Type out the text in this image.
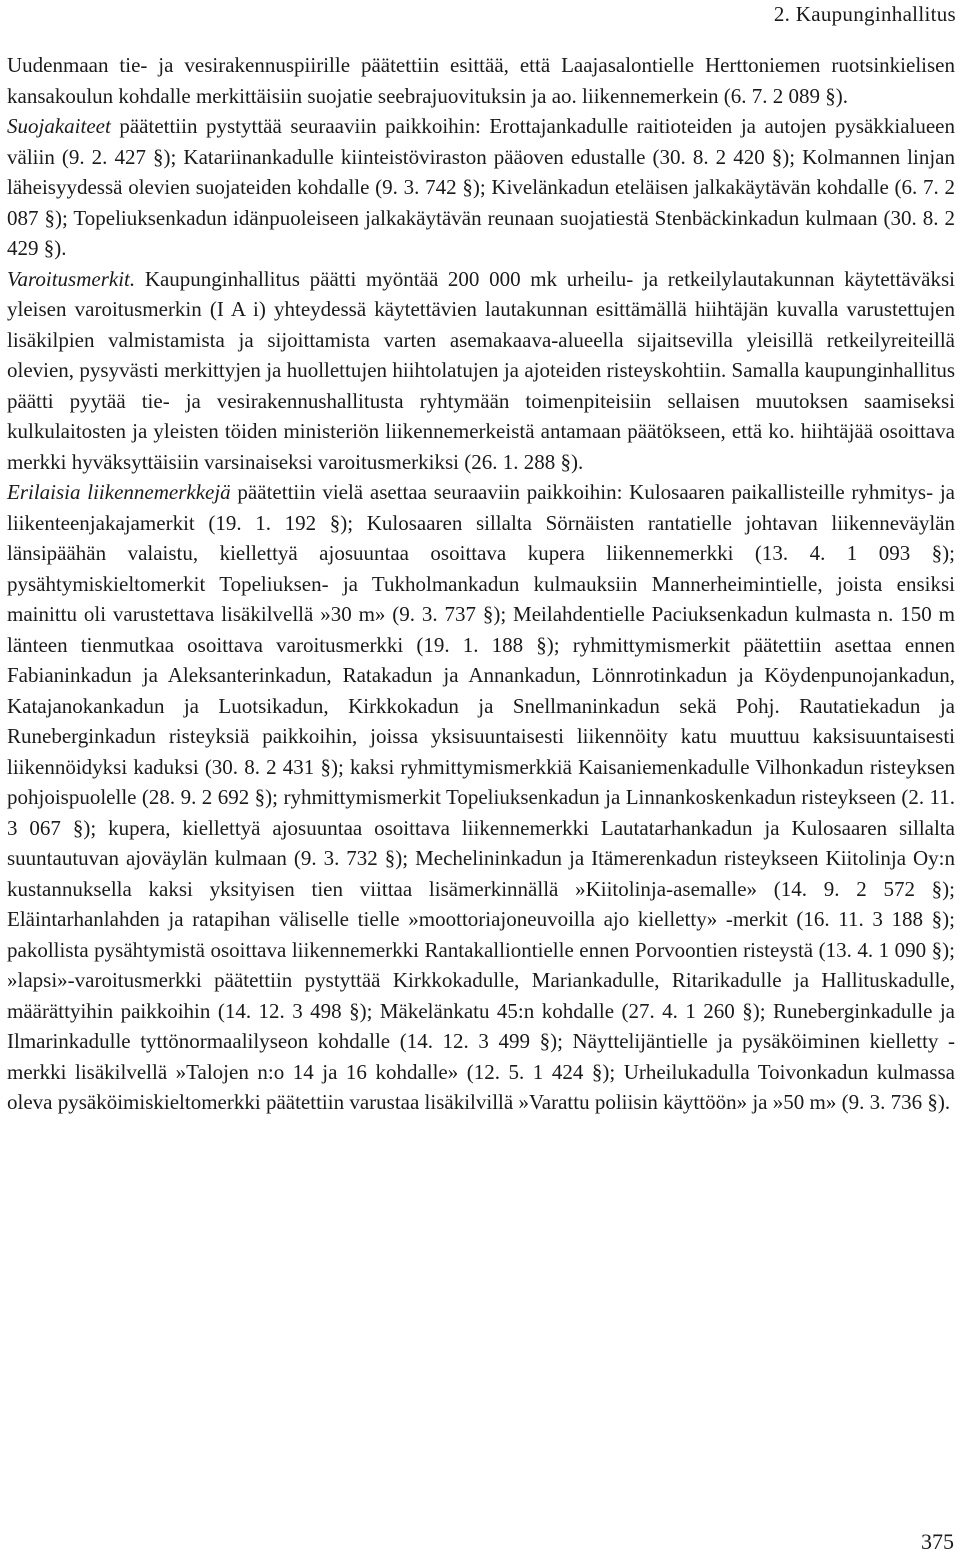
2. Kaupunginhallitus

Uudenmaan tie- ja vesirakennuspiirille päätettiin esittää, että Laajasalontielle Herttoniemen ruotsinkielisen kansakoulun kohdalle merkittäisiin suojatie seebrajuovituksin ja ao. liikennemerkein (6. 7. 2 089 §).

Suojakaiteet päätettiin pystyttää seuraaviin paikkoihin: Erottajankadulle raitioteiden ja autojen pysäkkialueen väliin (9. 2. 427 §); Katariinankadulle kiinteistöviraston pääoven edustalle (30. 8. 2 420 §); Kolmannen linjan läheisyydessä olevien suojateiden kohdalle (9. 3. 742 §); Kivelänkadun eteläisen jalkakäytävän kohdalle (6. 7. 2 087 §); Topeliuksenkadun idänpuoleiseen jalkakäytävän reunaan suojatiestä Stenbäckinkadun kulmaan (30. 8. 2 429 §).

Varoitusmerkit. Kaupunginhallitus päätti myöntää 200 000 mk urheilu- ja retkeilylautakunnan käytettäväksi yleisen varoitusmerkin (I A i) yhteydessä käytettävien lautakunnan esittämällä hiihtäjän kuvalla varustettujen lisäkilpien valmistamista ja sijoittamista varten asemakaava-alueella sijaitsevilla yleisillä retkeilyreiteillä olevien, pysyvästi merkittyjen ja huollettujen hiihtolatujen ja ajoteiden risteyskohtiin. Samalla kaupunginhallitus päätti pyytää tie- ja vesirakennushallitusta ryhtymään toimenpiteisiin sellaisen muutoksen saamiseksi kulkulaitosten ja yleisten töiden ministeriön liikennemerkeistä antamaan päätökseen, että ko. hiihtäjää osoittava merkki hyväksyttäisiin varsinaiseksi varoitusmerkiksi (26. 1. 288 §).

Erilaisia liikennemerkkejä päätettiin vielä asettaa seuraaviin paikkoihin: Kulosaaren paikallisteille ryhmitys- ja liikenteenjakajamerkit (19. 1. 192 §); Kulosaaren sillalta Sörnäisten rantatielle johtavan liikenneväylän länsipäähän valaistu, kiellettyä ajosuuntaa osoittava kupera liikennemerkki (13. 4. 1 093 §); pysähtymiskieltomerkit Topeliuksen- ja Tukholmankadun kulmauksiin Mannerheimintielle, joista ensiksi mainittu oli varustettava lisäkilvellä »30 m» (9. 3. 737 §); Meilahdentielle Paciuksenkadun kulmasta n. 150 m länteen tienmutkaa osoittava varoitusmerkki (19. 1. 188 §); ryhmittymismerkit päätettiin asettaa ennen Fabianinkadun ja Aleksanterinkadun, Ratakadun ja Annankadun, Lönnrotinkadun ja Köydenpunojankadun, Katajanokankadun ja Luotsikadun, Kirkkokadun ja Snellmaninkadun sekä Pohj. Rautatiekadun ja Runeberginkadun risteyksiä paikkoihin, joissa yksisuuntaisesti liikennöity katu muuttuu kaksisuuntaisesti liikennöidyksi kaduksi (30. 8. 2 431 §); kaksi ryhmittymismerkkiä Kaisaniemenkadulle Vilhonkadun risteyksen pohjoispuolelle (28. 9. 2 692 §); ryhmittymismerkit Topeliuksenkadun ja Linnankoskenkadun risteykseen (2. 11. 3 067 §); kupera, kiellettyä ajosuuntaa osoittava liikennemerkki Lautatarhankadun ja Kulosaaren sillalta suuntautuvan ajoväylän kulmaan (9. 3. 732 §); Mechelininkadun ja Itämerenkadun risteykseen Kiitolinja Oy:n kustannuksella kaksi yksityisen tien viittaa lisämerkinnällä »Kiitolinja-asemalle» (14. 9. 2 572 §); Eläintarhanlahden ja ratapihan väliselle tielle »moottoriajoneuvoilla ajo kielletty» -merkit (16. 11. 3 188 §); pakollista pysähtymistä osoittava liikennemerkki Rantakalliontielle ennen Porvoontien risteystä (13. 4. 1 090 §); »lapsi»-varoitusmerkki päätettiin pystyttää Kirkkokadulle, Mariankadulle, Ritarikadulle ja Hallituskadulle, määrättyihin paikkoihin (14. 12. 3 498 §); Mäkelänkatu 45:n kohdalle (27. 4. 1 260 §); Runeberginkadulle ja Ilmarinkadulle tyttönormaalilyseon kohdalle (14. 12. 3 499 §); Näyttelijäntielle ja pysäköiminen kielletty -merkki lisäkilvellä »Talojen n:o 14 ja 16 kohdalle» (12. 5. 1 424 §); Urheilukadulla Toivonkadun kulmassa oleva pysäköimiskieltomerkki päätettiin varustaa lisäkilvillä »Varattu poliisin käyttöön» ja »50 m» (9. 3. 736 §).

375
